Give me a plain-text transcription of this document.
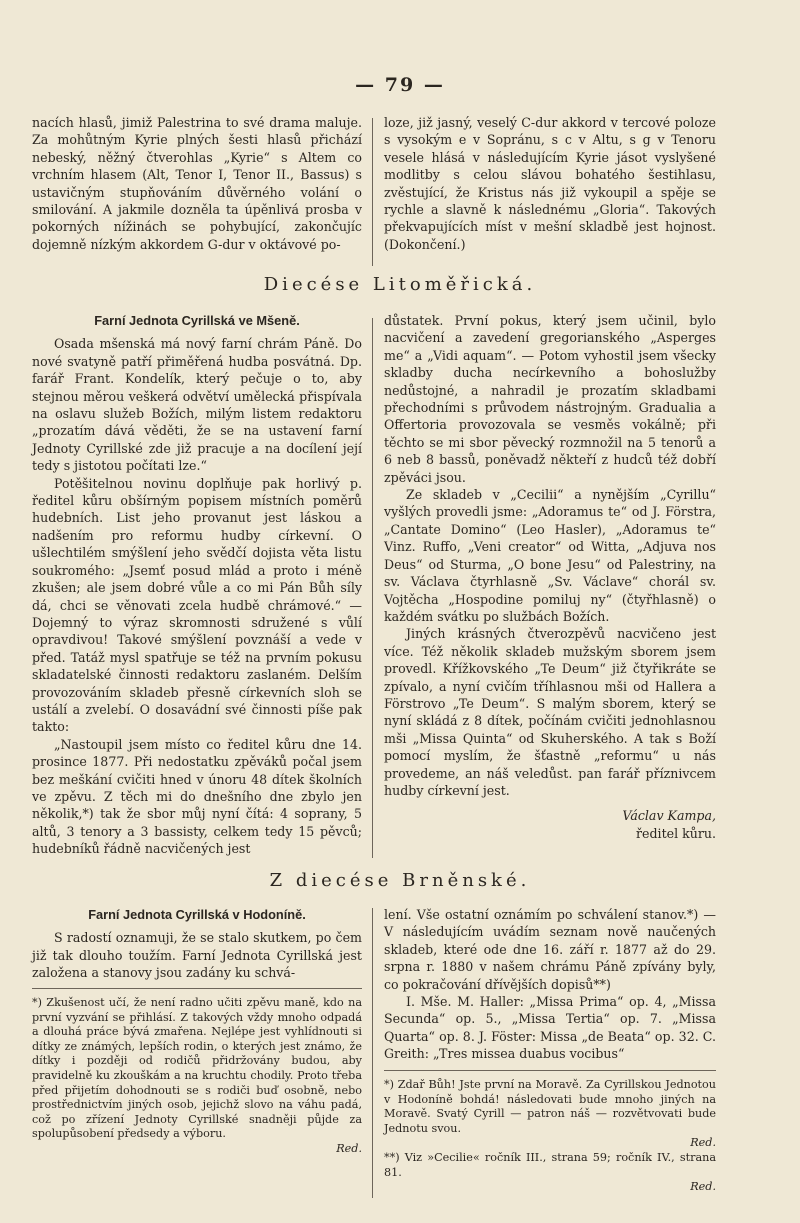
— 79 —

nacích hlasů, jimiž Palestrina to své drama maluje. Za mohůtným Kyrie plných šesti hlasů přichází nebeský, něžný čtverohlas „Kyrie“ s Altem co vrchním hlasem (Alt, Tenor I, Tenor II., Bassus) s ustavičným stupňováním důvěrného volání o smilování. A jakmile dozněla ta úpěnlivá prosba v pokorných nížinách se pohybující, zakončujíc dojemně nízkým akkordem G-dur v oktávové po-

loze, již jasný, veselý C-dur akkord v tercové poloze s vysokým e v Sopránu, s c v Altu, s g v Tenoru vesele hlásá v následujícím Kyrie jásot vyslyšené modlitby s celou slávou bohatého šestihlasu, zvěstující, že Kristus nás již vykoupil a spěje se rychle a slavně k následnému „Gloria“. Takových překvapujících míst v mešní skladbě jest hojnost. (Dokončení.)

Diecése Litoměřická.

Farní Jednota Cyrillská ve Mšeně.

Osada mšenská má nový farní chrám Páně. Do nové svatyně patří přiměřená hudba posvátná. Dp. farář Frant. Kondelík, který pečuje o to, aby stejnou měrou veškerá odvětví umělecká přispívala na oslavu služeb Božích, milým listem redaktoru „prozatím dává věděti, že se na ustavení farní Jednoty Cyrillské zde již pracuje a na docílení její tedy s jistotou počítati lze.“

Potěšitelnou novinu doplňuje pak horlivý p. ředitel kůru obšírným popisem místních poměrů hudebních. List jeho provanut jest láskou a nadšením pro reformu hudby církevní. O ušlechtilém smýšlení jeho svědčí dojista věta listu soukromého: „Jsemť posud mlád a proto i méně zkušen; ale jsem dobré vůle a co mi Pán Bůh síly dá, chci se věnovati zcela hudbě chrámové.“ — Dojemný to výraz skromnosti sdružené s vůlí opravdivou! Takové smýšlení povznáší a vede v před. Tatáž mysl spatřuje se též na prvním pokusu skladatelské činnosti redaktoru zaslaném. Delším provozováním skladeb přesně církevních sloh se ustálí a zvelebí. O dosavádní své činnosti píše pak takto:

„Nastoupil jsem místo co ředitel kůru dne 14. prosince 1877. Při nedostatku zpěváků počal jsem bez meškání cvičiti hned v únoru 48 dítek školních ve zpěvu. Z těch mi do dnešního dne zbylo jen několik,*) tak že sbor můj nyní čítá: 4 soprany, 5 altů, 3 tenory a 3 bassisty, celkem tedy 15 pěvců; hudebníků řádně nacvičených jest

důstatek. První pokus, který jsem učinil, bylo nacvičení a zavedení gregorianského „Asperges me“ a „Vidi aquam“. — Potom vyhostil jsem všecky skladby ducha necírkevního a bohoslužby nedůstojné, a nahradil je prozatím skladbami přechodními s průvodem nástrojným. Gradualia a Offertoria provozovala se vesměs vokálně; při těchto se mi sbor pěvecký rozmnožil na 5 tenorů a 6 neb 8 bassů, poněvadž někteří z hudců též dobří zpěváci jsou.

Ze skladeb v „Cecilii“ a nynějším „Cyrillu“ vyšlých provedli jsme: „Adoramus te“ od J. Förstra, „Cantate Domino“ (Leo Hasler), „Adoramus te“ Vinz. Ruffo, „Veni creator“ od Witta, „Adjuva nos Deus“ od Sturma, „O bone Jesu“ od Palestriny, na sv. Václava čtyrhlasně „Sv. Václave“ chorál sv. Vojtěcha „Hospodine pomiluj ny“ (čtyřhlasně) o každém svátku po službách Božích.

Jiných krásných čtverozpěvů nacvičeno jest více. Též několik skladeb mužským sborem jsem provedl. Křížkovského „Te Deum“ již čtyřikráte se zpívalo, a nyní cvičím tříhlasnou mši od Hallera a Förstrovo „Te Deum“. S malým sborem, který se nyní skládá z 8 dítek, počínám cvičiti jednohlasnou mši „Missa Quinta“ od Skuherského. A tak s Boží pomocí myslím, že šťastně „reformu“ u nás provedeme, an náš veledůst. pan farář příznivcem hudby církevní jest.

Václav Kampa,

ředitel kůru.

Z diecése Brněnské.

Farní Jednota Cyrillská v Hodoníně.

S radostí oznamuji, že se stalo skutkem, po čem již tak dlouho toužím. Farní Jednota Cyrillská jest založena a stanovy jsou zadány ku schvá-

lení. Vše ostatní oznámím po schválení stanov.*) — V následujícím uvádím seznam nově naučených skladeb, které ode dne 16. září r. 1877 až do 29. srpna r. 1880 v našem chrámu Páně zpívány byly, co pokračování dřívějších dopisů**)

I. Mše. M. Haller: „Missa Prima“ op. 4, „Missa Secunda“ op. 5., „Missa Tertia“ op. 7. „Missa Quarta“ op. 8. J. Föster: Missa „de Beata“ op. 32. C. Greith: „Tres missea duabus vocibus“

*) Zkušenost učí, že není radno učiti zpěvu maně, kdo na první vyzvání se přihlásí. Z takových vždy mnoho odpadá a dlouhá práce bývá zmařena. Nejlépe jest vyhlídnouti si dítky ze známých, lepších rodin, o kterých jest známo, že dítky i později od rodičů přidržovány budou, aby pravidelně ku zkouškám a na kruchtu chodily. Proto třeba před přijetím dohodnouti se s rodiči buď osobně, nebo prostřednictvím jiných osob, jejichž slovo na váhu padá, což po zřízení Jednoty Cyrillské snadněji půjde za spolupůsobení předsedy a výboru.

Red.

*) Zdař Bůh! Jste první na Moravě. Za Cyrillskou Jednotou v Hodoníně bohdá! následovati bude mnoho jiných na Moravě. Svatý Cyrill — patron náš — rozvětvovati bude Jednotu svou.

Red.

**) Viz »Cecilie« ročník III., strana 59; ročník IV., strana 81.

Red.
